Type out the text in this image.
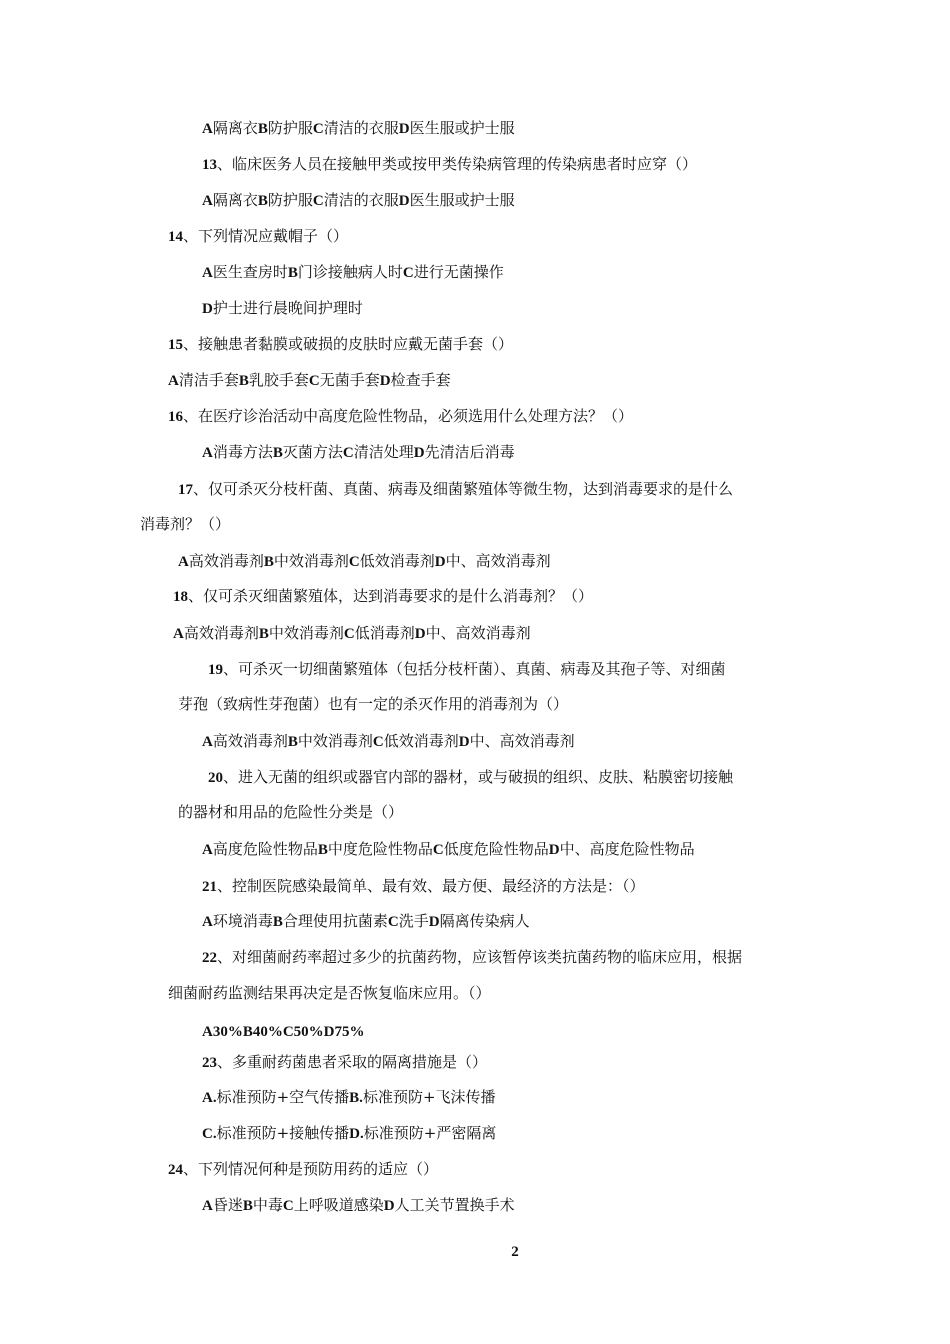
A隔离衣B防护服C清洁的衣服D医生服或护士服
13、临床医务人员在接触甲类或按甲类传染病管理的传染病患者时应穿（）
A隔离衣B防护服C清洁的衣服D医生服或护士服
14、下列情况应戴帽子（）
A医生查房时B门诊接触病人时C进行无菌操作
D护士进行晨晚间护理时
15、接触患者黏膜或破损的皮肤时应戴无菌手套（）
A清洁手套B乳胶手套C无菌手套D检查手套
16、在医疗诊治活动中高度危险性物品，必须选用什么处理方法？（）
A消毒方法B灭菌方法C清洁处理D先清洁后消毒
17、仅可杀灭分枝杆菌、真菌、病毒及细菌繁殖体等微生物，达到消毒要求的是什么
消毒剂？（）
A高效消毒剂B中效消毒剂C低效消毒剂D中、高效消毒剂
18、仅可杀灭细菌繁殖体，达到消毒要求的是什么消毒剂？（）
A高效消毒剂B中效消毒剂C低消毒剂D中、高效消毒剂
19、可杀灭一切细菌繁殖体（包括分枝杆菌）、真菌、病毒及其孢子等、对细菌
芽孢（致病性芽孢菌）也有一定的杀灭作用的消毒剂为（）
A高效消毒剂B中效消毒剂C低效消毒剂D中、高效消毒剂
20、进入无菌的组织或器官内部的器材，或与破损的组织、皮肤、粘膜密切接触
的器材和用品的危险性分类是（）
A高度危险性物品B中度危险性物品C低度危险性物品D中、高度危险性物品
21、控制医院感染最简单、最有效、最方便、最经济的方法是：（）
A环境消毒B合理使用抗菌素C洗手D隔离传染病人
22、对细菌耐药率超过多少的抗菌药物，应该暂停该类抗菌药物的临床应用，根据
细菌耐药监测结果再决定是否恢复临床应用。（）
A30%B40%C50%D75%
23、多重耐药菌患者采取的隔离措施是（）
A.标准预防+空气传播B.标准预防+飞沫传播
C.标准预防+接触传播D.标准预防+严密隔离
24、下列情况何种是预防用药的适应（）
A昏迷B中毒C上呼吸道感染D人工关节置换手术
2
